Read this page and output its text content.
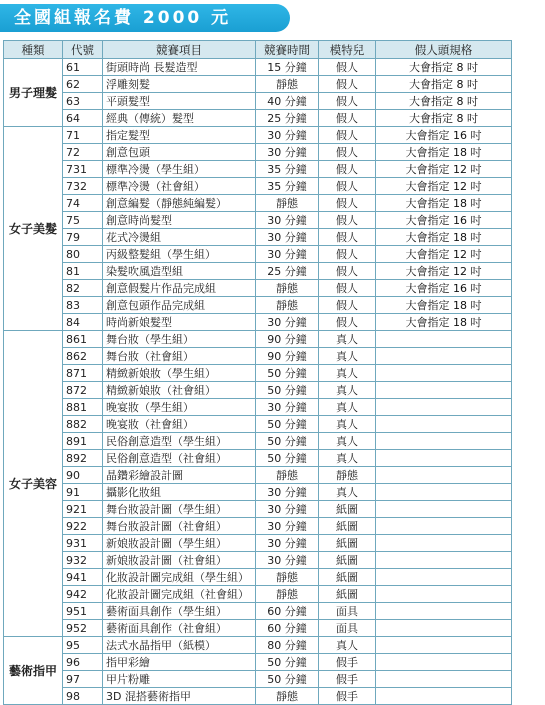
全國組報名費 2000 元
種類	代號	競賽項目	競賽時間	模特兒	假人頭規格
男子理髮	61	街頭時尚 長髮造型	15 分鐘	假人	大會指定 8 吋
	62	浮雕刻髮	靜態	假人	大會指定 8 吋
	63	平頭髮型	40 分鐘	假人	大會指定 8 吋
	64	經典（傳統）髮型	25 分鐘	假人	大會指定 8 吋
女子美髮	71	指定髮型	30 分鐘	假人	大會指定 16 吋
	72	創意包頭	30 分鐘	假人	大會指定 18 吋
	731	標準冷燙（學生組）	35 分鐘	假人	大會指定 12 吋
	732	標準冷燙（社會組）	35 分鐘	假人	大會指定 12 吋
	74	創意編髮（靜態純編髮）	靜態	假人	大會指定 18 吋
	75	創意時尚髮型	30 分鐘	假人	大會指定 16 吋
	79	花式冷燙組	30 分鐘	假人	大會指定 18 吋
	80	丙級整髮組（學生組）	30 分鐘	假人	大會指定 12 吋
	81	染髮吹風造型組	25 分鐘	假人	大會指定 12 吋
	82	創意假髮片作品完成組	靜態	假人	大會指定 16 吋
	83	創意包頭作品完成組	靜態	假人	大會指定 18 吋
	84	時尚新娘髮型	30 分鐘	假人	大會指定 18 吋
女子美容	861	舞台妝（學生組）	90 分鐘	真人	
	862	舞台妝（社會組）	90 分鐘	真人	
	871	精緻新娘妝（學生組）	50 分鐘	真人	
	872	精緻新娘妝（社會組）	50 分鐘	真人	
	881	晚宴妝（學生組）	30 分鐘	真人	
	882	晚宴妝（社會組）	50 分鐘	真人	
	891	民俗創意造型（學生組）	50 分鐘	真人	
	892	民俗創意造型（社會組）	50 分鐘	真人	
	90	晶鑽彩繪設計圖	靜態	靜態	
	91	攝影化妝組	30 分鐘	真人	
	921	舞台妝設計圖（學生組）	30 分鐘	紙圖	
	922	舞台妝設計圖（社會組）	30 分鐘	紙圖	
	931	新娘妝設計圖（學生組）	30 分鐘	紙圖	
	932	新娘妝設計圖（社會組）	30 分鐘	紙圖	
	941	化妝設計圖完成組（學生組）	靜態	紙圖	
	942	化妝設計圖完成組（社會組）	靜態	紙圖	
	951	藝術面具創作（學生組）	60 分鐘	面具	
	952	藝術面具創作（社會組）	60 分鐘	面具	
藝術指甲	95	法式水晶指甲（紙模）	80 分鐘	真人	
	96	指甲彩繪	50 分鐘	假手	
	97	甲片粉雕	50 分鐘	假手	
	98	3D 混搭藝術指甲	靜態	假手	
